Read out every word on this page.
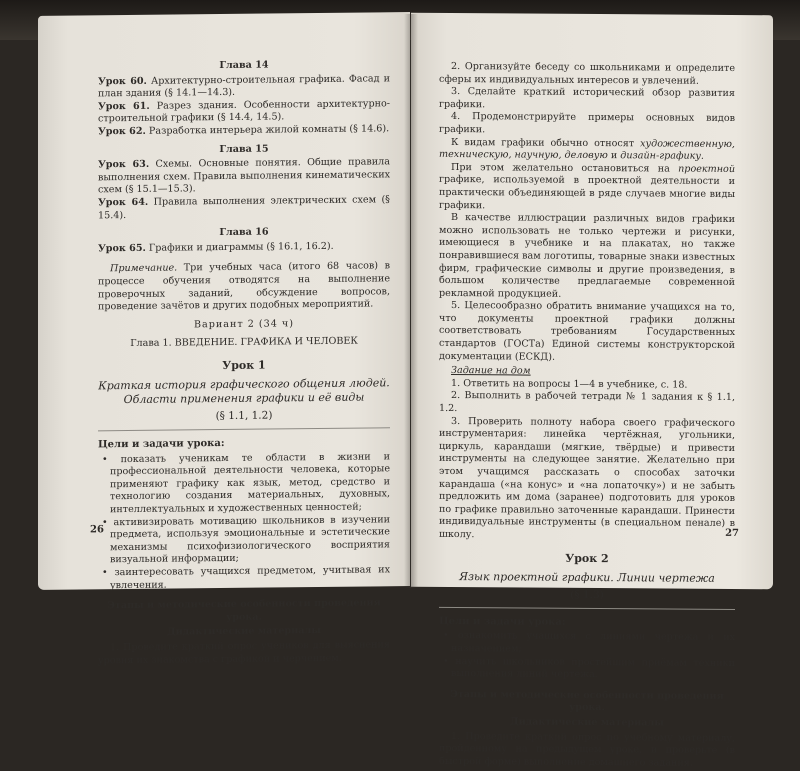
Глава 14

Урок 60. Архитектурно-строительная графика. Фасад и план здания (§ 14.1—14.3).

Урок 61. Разрез здания. Особенности архитектурно-строительной графики (§ 14.4, 14.5).

Урок 62. Разработка интерьера жилой комнаты (§ 14.6).

Глава 15

Урок 63. Схемы. Основные понятия. Общие правила выполнения схем. Правила выполнения кинематических схем (§ 15.1—15.3).

Урок 64. Правила выполнения электрических схем (§ 15.4).

Глава 16

Урок 65. Графики и диаграммы (§ 16.1, 16.2).

Примечание. Три учебных часа (итого 68 часов) в процессе обучения отводятся на выполнение проверочных заданий, обсуждение вопросов, проведение зачётов и других подобных мероприятий.

Вариант 2 (34 ч)
Глава 1. ВВЕДЕНИЕ. ГРАФИКА И ЧЕЛОВЕК
Урок 1
Краткая история графического общения людей. Области применения графики и её виды
(§ 1.1, 1.2)
Цели и задачи урока:

• показать ученикам те области в жизни и профессиональной деятельности человека, которые применяют графику как язык, метод, средство и технологию создания материальных, духовных, интеллектуальных и художественных ценностей;

• активизировать мотивацию школьников в изучении предмета, используя эмоциональные и эстетические механизмы психофизиологического восприятия визуальной информации;

• заинтересовать учащихся предметом, учитывая их увлечения.

Этапы и методические особенности проведения урока.
Дидактические материалы

1. Проведите краткий опрос учеников для выяснения уровня их знакомства с графикой и черчением.

26

2. Организуйте беседу со школьниками и определите сферы их индивидуальных интересов и увлечений.

3. Сделайте краткий исторический обзор развития графики.

4. Продемонстрируйте примеры основных видов графики.

К видам графики обычно относят художественную, техническую, научную, деловую и дизайн-графику.

При этом желательно остановиться на проектной графике, используемой в проектной деятельности и практически объединяющей в ряде случаев многие виды графики.

В качестве иллюстрации различных видов графики можно использовать не только чертежи и рисунки, имеющиеся в учебнике и на плакатах, но также понравившиеся вам логотипы, товарные знаки известных фирм, графические символы и другие произведения, в большом количестве предлагаемые современной рекламной продукцией.

5. Целесообразно обратить внимание учащихся на то, что документы проектной графики должны соответствовать требованиям Государственных стандартов (ГОСТа) Единой системы конструкторской документации (ЕСКД).

Задание на дом

1. Ответить на вопросы 1—4 в учебнике, с. 18.

2. Выполнить в рабочей тетради № 1 задания к § 1.1, 1.2.

3. Проверить полноту набора своего графического инструментария: линейка чертёжная, угольники, циркуль, карандаши (мягкие, твёрдые) и привести инструменты на следующее занятие. Желательно при этом учащимся рассказать о способах заточки карандаша («на конус» и «на лопаточку») и не забыть предложить им дома (заранее) подготовить для уроков по графике правильно заточенные карандаши. Принести индивидуальные инструменты (в специальном пенале) в школу.

Урок 2
Язык проектной графики. Линии чертежа
(§ 1.3)
Цели и задачи урока:

• ознакомить учащихся с линиями чертежа и их назначением;

• научить школьников простейшим приёмам техники выполнения линий чертежа.

Этапы и методические особенности проведения урока.
Дидактические материалы

1. Проведите краткий опрос по учебному материалу, пройденному на предыдущем уроке, и проверьте (в быстрой форме) выполнение домашнего задания.

27
